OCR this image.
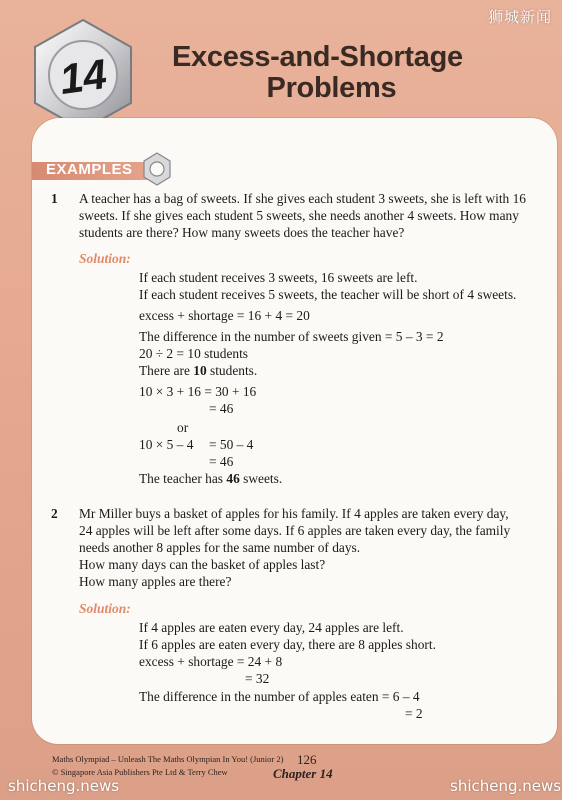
狮城新闻
14 Excess-and-Shortage
Problems
EXAMPLES
1 A teacher has a bag of sweets. If she gives each student 3 sweets, she is left with 16
sweets. If she gives each student 5 sweets, she needs another 4 sweets. How many
students are there? How many sweets does the teacher have?
Solution:
If each student receives 3 sweets, 16 sweets are left.
If each student receives 5 sweets, the teacher will be short of 4 sweets.
excess + shortage = 16 + 4 = 20
The difference in the number of sweets given = 5 – 3 = 2
20 ÷ 2 = 10 students
There are 10 students.
10 × 3 + 16 = 30 + 16
= 46
or
10 × 5 – 4 = 50 – 4
= 46
The teacher has 46 sweets.
2 Mr Miller buys a basket of apples for his family. If 4 apples are taken every day,
24 apples will be left after some days. If 6 apples are taken every day, the family
needs another 8 apples for the same number of days.
How many days can the basket of apples last?
How many apples are there?
Solution:
If 4 apples are eaten every day, 24 apples are left.
If 6 apples are eaten every day, there are 8 apples short.
excess + shortage = 24 + 8
= 32
The difference in the number of apples eaten = 6 – 4
= 2
Maths Olympiad – Unleash The Maths Olympian In You! (Junior 2)
© Singapore Asia Publishers Pte Ltd & Terry Chew
126
Chapter 14
shicheng.news	shicheng.news
